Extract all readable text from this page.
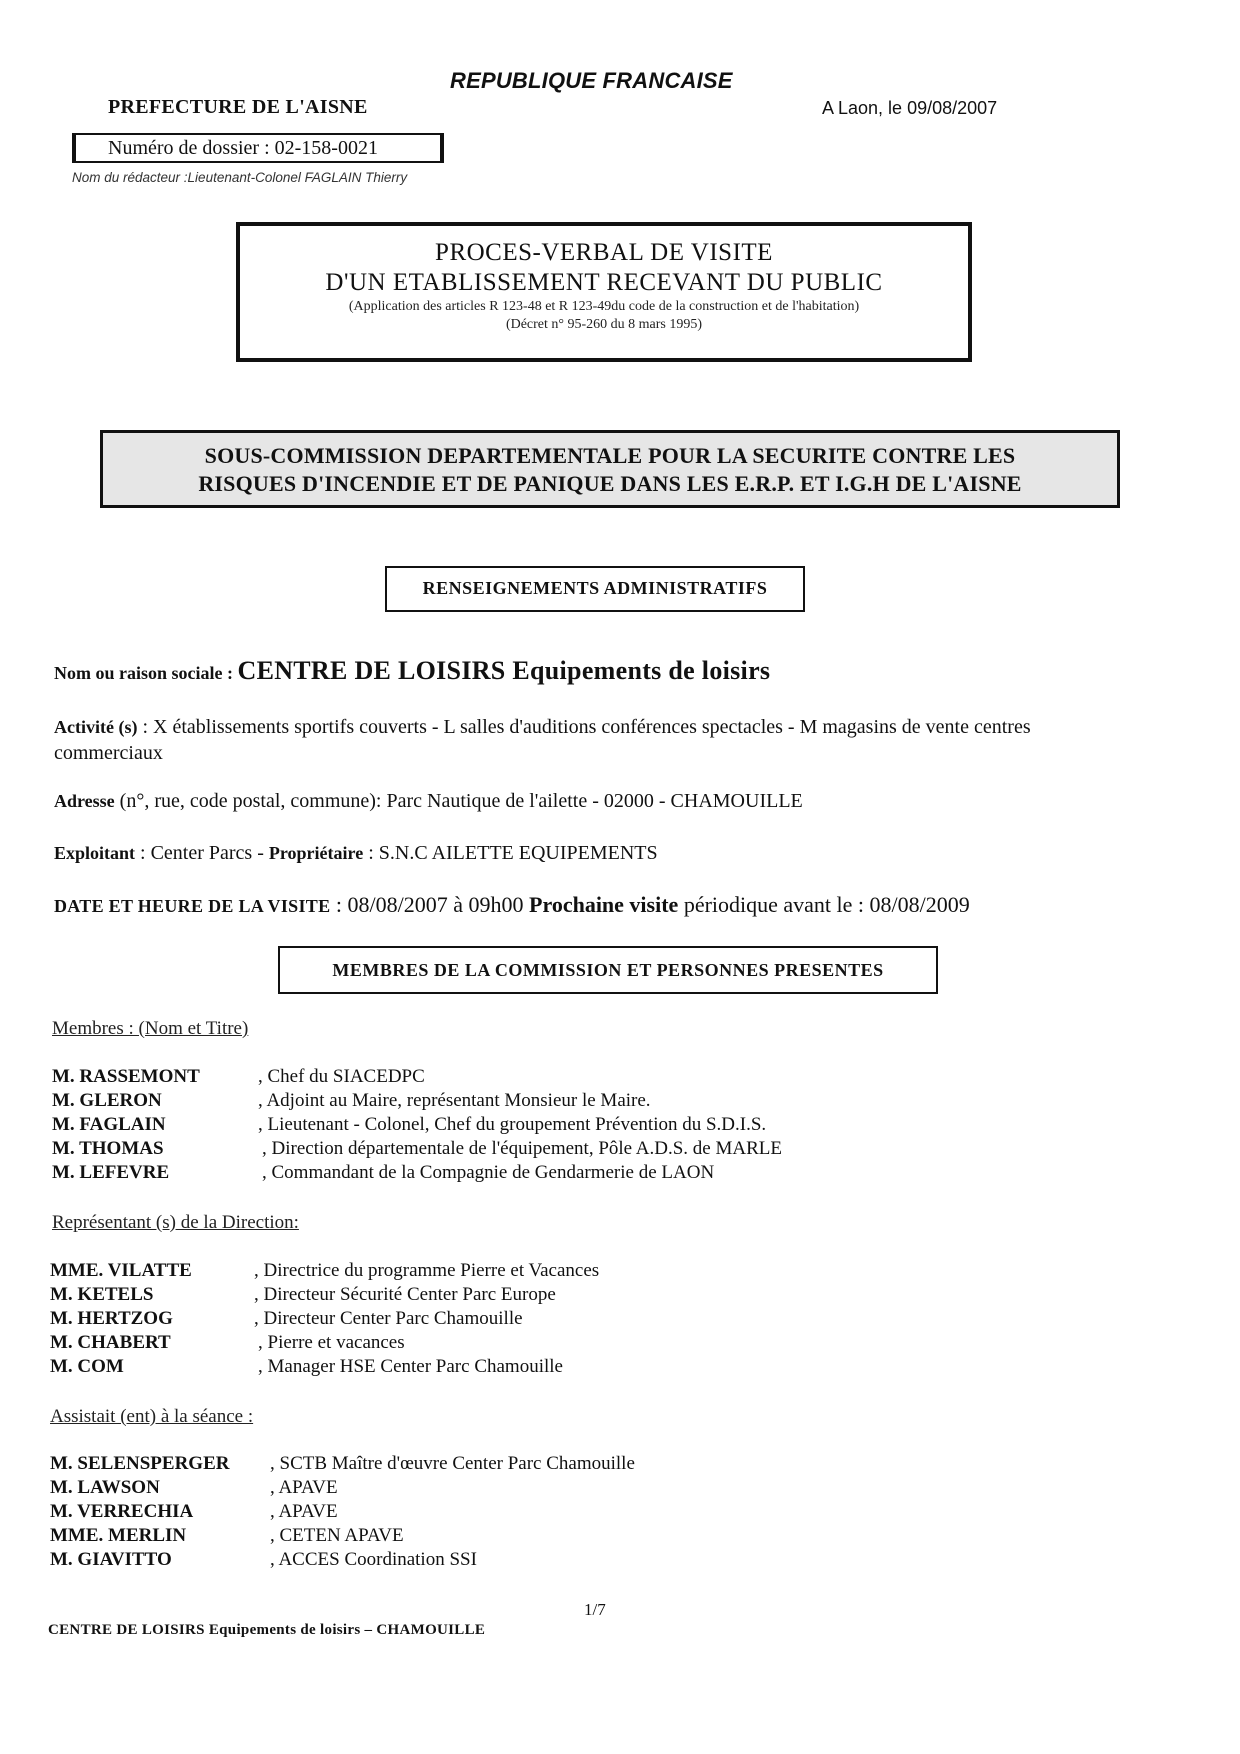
REPUBLIQUE FRANCAISE
PREFECTURE DE L'AISNE	A Laon, le 09/08/2007
Numéro de dossier : 02-158-0021
Nom du rédacteur :Lieutenant-Colonel FAGLAIN Thierry
PROCES-VERBAL DE VISITE
D'UN ETABLISSEMENT RECEVANT DU PUBLIC
(Application des articles R 123-48 et R 123-49du code de la construction et de l'habitation)
(Décret n° 95-260 du 8 mars 1995)
SOUS-COMMISSION DEPARTEMENTALE POUR LA SECURITE CONTRE LES
RISQUES D'INCENDIE ET DE PANIQUE DANS LES E.R.P. ET I.G.H DE L'AISNE
RENSEIGNEMENTS ADMINISTRATIFS
Nom ou raison sociale : CENTRE DE LOISIRS Equipements de loisirs
Activité (s) : X établissements sportifs couverts - L salles d'auditions conférences spectacles - M magasins de vente centres commerciaux
Adresse (n°, rue, code postal, commune): Parc Nautique de l'ailette - 02000 - CHAMOUILLE
Exploitant : Center Parcs - Propriétaire : S.N.C AILETTE EQUIPEMENTS
DATE ET HEURE DE LA VISITE : 08/08/2007 à 09h00 Prochaine visite périodique avant le : 08/08/2009
MEMBRES DE LA COMMISSION ET PERSONNES PRESENTES
Membres : (Nom et Titre)
M. RASSEMONT	, Chef du SIACEDPC
M. GLERON	, Adjoint au Maire, représentant Monsieur le Maire.
M. FAGLAIN	, Lieutenant - Colonel, Chef du groupement Prévention du S.D.I.S.
M. THOMAS	, Direction départementale de l'équipement, Pôle A.D.S. de MARLE
M. LEFEVRE	, Commandant de la Compagnie de Gendarmerie de LAON
Représentant (s) de la Direction:
MME. VILATTE	, Directrice du programme Pierre et Vacances
M. KETELS	, Directeur Sécurité Center Parc Europe
M. HERTZOG	, Directeur Center Parc Chamouille
M. CHABERT	, Pierre et vacances
M. COM	, Manager HSE Center Parc Chamouille
Assistait (ent) à la séance :
M. SELENSPERGER , SCTB Maître d'œuvre Center Parc Chamouille
M. LAWSON	, APAVE
M. VERRECHIA	, APAVE
MME. MERLIN	, CETEN APAVE
M. GIAVITTO	, ACCES Coordination SSI
1/7
CENTRE DE LOISIRS Equipements de loisirs – CHAMOUILLE
